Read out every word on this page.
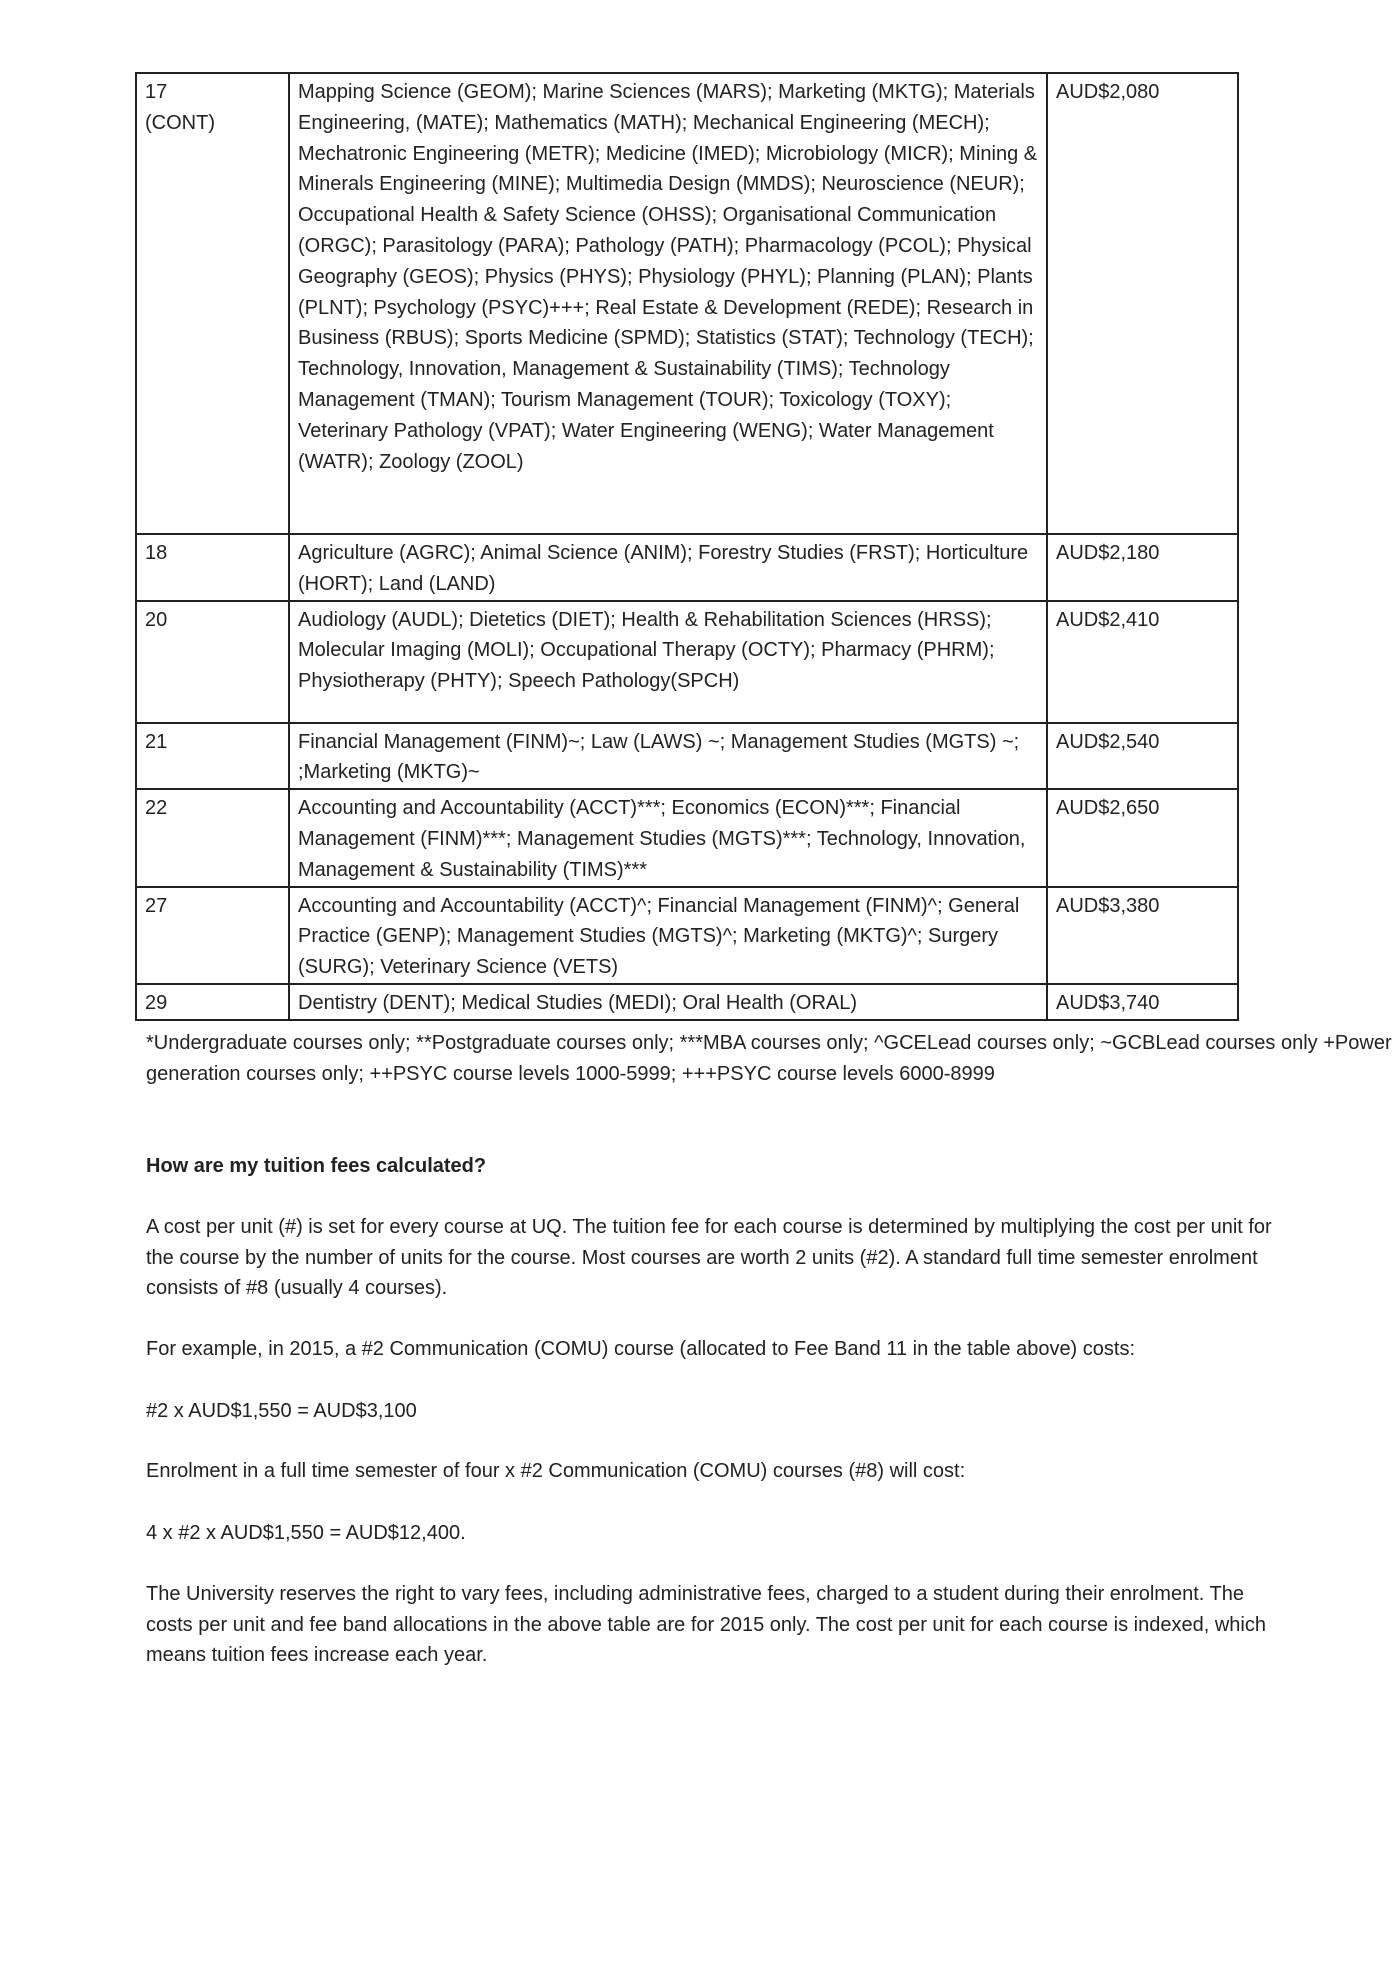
17
(CONT)	Mapping Science (GEOM); Marine Sciences (MARS); Marketing (MKTG); Materials Engineering, (MATE); Mathematics (MATH); Mechanical Engineering (MECH); Mechatronic Engineering (METR); Medicine (IMED); Microbiology (MICR); Mining & Minerals Engineering (MINE); Multimedia Design (MMDS); Neuroscience (NEUR); Occupational Health & Safety Science (OHSS); Organisational Communication (ORGC); Parasitology (PARA); Pathology (PATH); Pharmacology (PCOL); Physical Geography (GEOS); Physics (PHYS); Physiology (PHYL); Planning (PLAN); Plants (PLNT); Psychology (PSYC)+++; Real Estate & Development (REDE); Research in Business (RBUS); Sports Medicine (SPMD); Statistics (STAT); Technology (TECH); Technology, Innovation, Management & Sustainability (TIMS); Technology Management (TMAN); Tourism Management (TOUR); Toxicology (TOXY); Veterinary Pathology (VPAT); Water Engineering (WENG); Water Management (WATR); Zoology (ZOOL)	AUD$2,080
18	Agriculture (AGRC); Animal Science (ANIM); Forestry Studies (FRST); Horticulture (HORT); Land (LAND)	AUD$2,180
20	Audiology (AUDL); Dietetics (DIET); Health & Rehabilitation Sciences (HRSS); Molecular Imaging (MOLI); Occupational Therapy (OCTY); Pharmacy (PHRM); Physiotherapy (PHTY); Speech Pathology(SPCH)	AUD$2,410
21	Financial Management (FINM)~; Law (LAWS) ~; Management Studies (MGTS) ~; ;Marketing (MKTG)~	AUD$2,540
22	Accounting and Accountability (ACCT)***; Economics (ECON)***; Financial Management (FINM)***; Management Studies (MGTS)***; Technology, Innovation, Management & Sustainability (TIMS)***	AUD$2,650
27	Accounting and Accountability (ACCT)^; Financial Management (FINM)^; General Practice (GENP); Management Studies (MGTS)^; Marketing (MKTG)^; Surgery (SURG); Veterinary Science (VETS)	AUD$3,380
29	Dentistry (DENT); Medical Studies (MEDI); Oral Health (ORAL)	AUD$3,740

*Undergraduate courses only; **Postgraduate courses only; ***MBA courses only; ^GCELead courses only; ~GCBLead courses only +Power generation courses only; ++PSYC course levels 1000-5999; +++PSYC course levels 6000-8999

How are my tuition fees calculated?

A cost per unit (#) is set for every course at UQ. The tuition fee for each course is determined by multiplying the cost per unit for the course by the number of units for the course. Most courses are worth 2 units (#2). A standard full time semester enrolment consists of #8 (usually 4 courses).

For example, in 2015, a #2 Communication (COMU) course (allocated to Fee Band 11 in the table above) costs:

#2 x AUD$1,550 = AUD$3,100

Enrolment in a full time semester of four x #2 Communication (COMU) courses (#8) will cost:

4 x #2 x AUD$1,550 = AUD$12,400.

The University reserves the right to vary fees, including administrative fees, charged to a student during their enrolment. The costs per unit and fee band allocations in the above table are for 2015 only. The cost per unit for each course is indexed, which means tuition fees increase each year.
